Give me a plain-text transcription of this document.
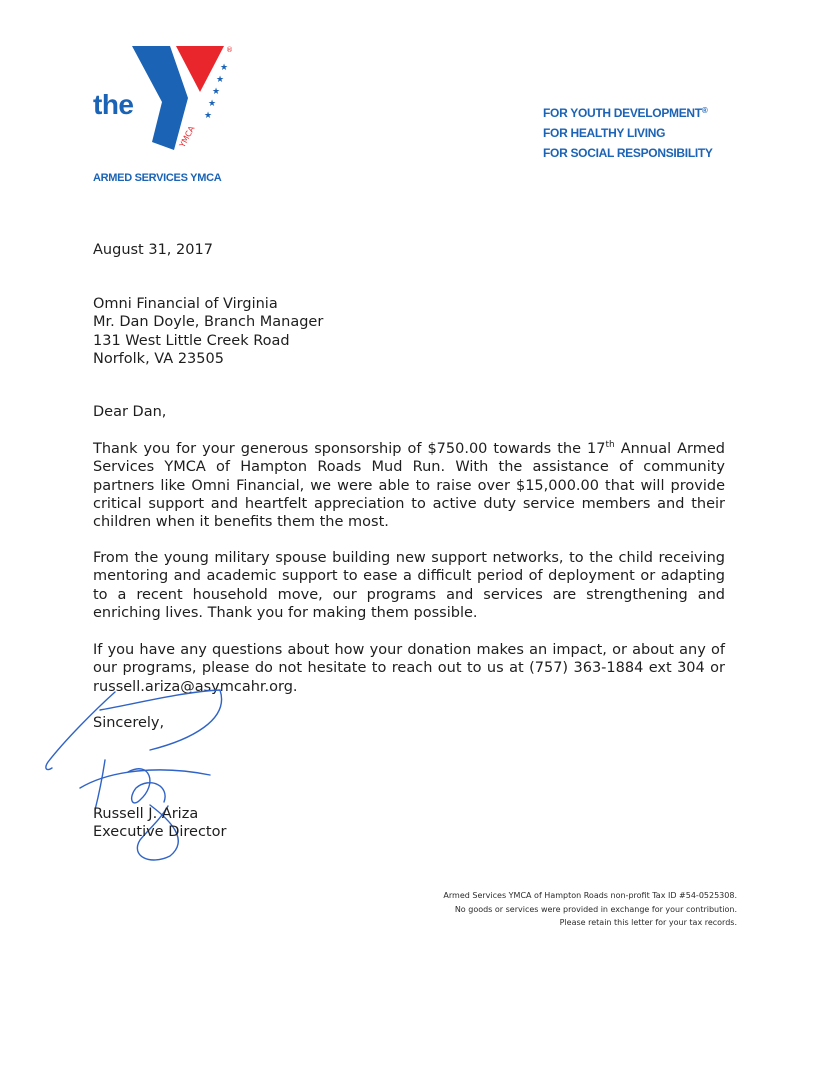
★
★
★
★
★
®
YMCA
the
ARMED SERVICES YMCA
FOR YOUTH DEVELOPMENT®
FOR HEALTHY LIVING
FOR SOCIAL RESPONSIBILITY
August 31, 2017
Omni Financial of Virginia
Mr. Dan Doyle, Branch Manager
131 West Little Creek Road
Norfolk, VA 23505
Dear Dan,
Thank you for your generous sponsorship of $750.00 towards the 17th Annual Armed Services YMCA of Hampton Roads Mud Run. With the assistance of community partners like Omni Financial, we were able to raise over $15,000.00 that will provide critical support and heartfelt appreciation to active duty service members and their children when it benefits them the most.
From the young military spouse building new support networks, to the child receiving mentoring and academic support to ease a difficult period of deployment or adapting to a recent household move, our programs and services are strengthening and enriching lives. Thank you for making them possible.
If you have any questions about how your donation makes an impact, or about any of our programs, please do not hesitate to reach out to us at (757) 363-1884 ext 304 or russell.ariza@asymcahr.org.
Sincerely,
Russell J. Ariza
Executive Director
Armed Services YMCA of Hampton Roads non-profit Tax ID #54-0525308.
No goods or services were provided in exchange for your contribution.
Please retain this letter for your tax records.
